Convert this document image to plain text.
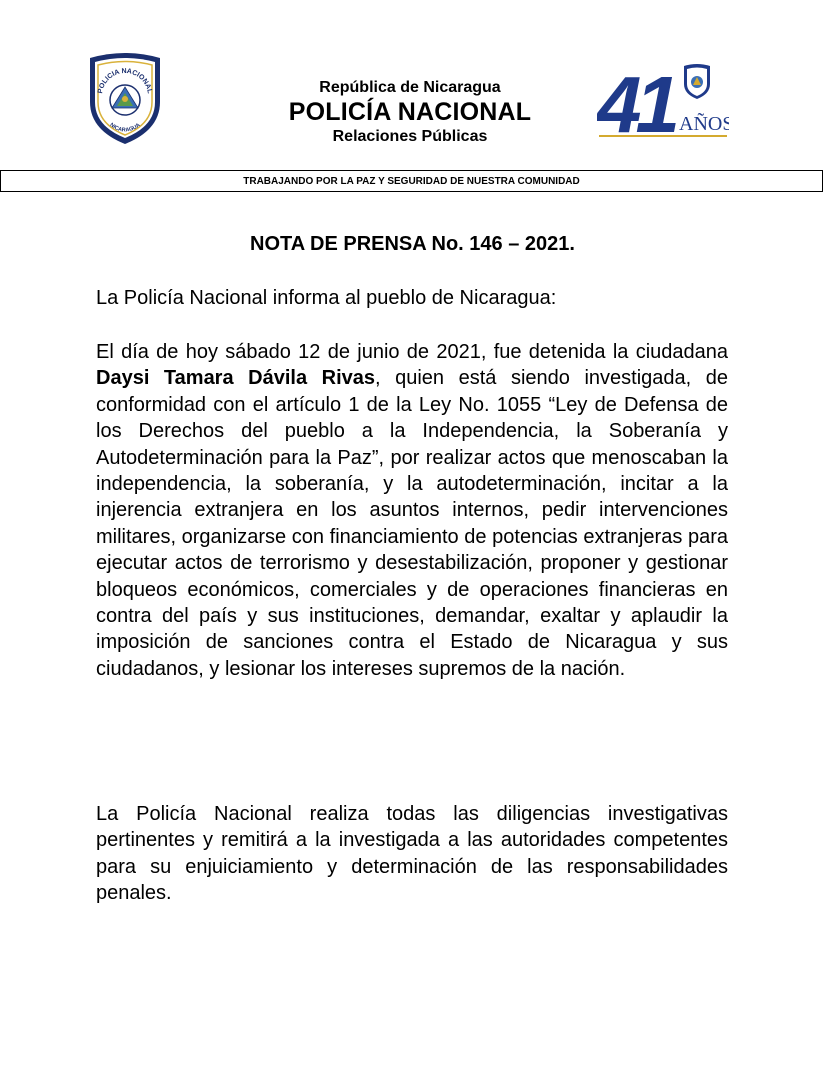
POLICIA NACIONAL
NICARAGUA
República de Nicaragua
POLICÍA NACIONAL
Relaciones Públicas	41 AÑOS
TRABAJANDO POR LA PAZ Y SEGURIDAD DE NUESTRA COMUNIDAD
NOTA DE PRENSA No. 146 – 2021.
La Policía Nacional informa al pueblo de Nicaragua:
El día de hoy sábado 12 de junio de 2021, fue detenida la ciudadana Daysi Tamara Dávila Rivas, quien está siendo investigada, de conformidad con el artículo 1 de la Ley No. 1055 “Ley de Defensa de los Derechos del pueblo a la Independencia, la Soberanía y Autodeterminación para la Paz”, por realizar actos que menoscaban la independencia, la soberanía, y la autodeterminación, incitar a la injerencia extranjera en los asuntos internos, pedir intervenciones militares, organizarse con financiamiento de potencias extranjeras para ejecutar actos de terrorismo y desestabilización, proponer y gestionar bloqueos económicos, comerciales y de operaciones financieras en contra del país y sus instituciones, demandar, exaltar y aplaudir la imposición de sanciones contra el Estado de Nicaragua y sus ciudadanos, y lesionar los intereses supremos de la nación.
La Policía Nacional realiza todas las diligencias investigativas pertinentes y remitirá a la investigada a las autoridades competentes para su enjuiciamiento y determinación de las responsabilidades penales.
